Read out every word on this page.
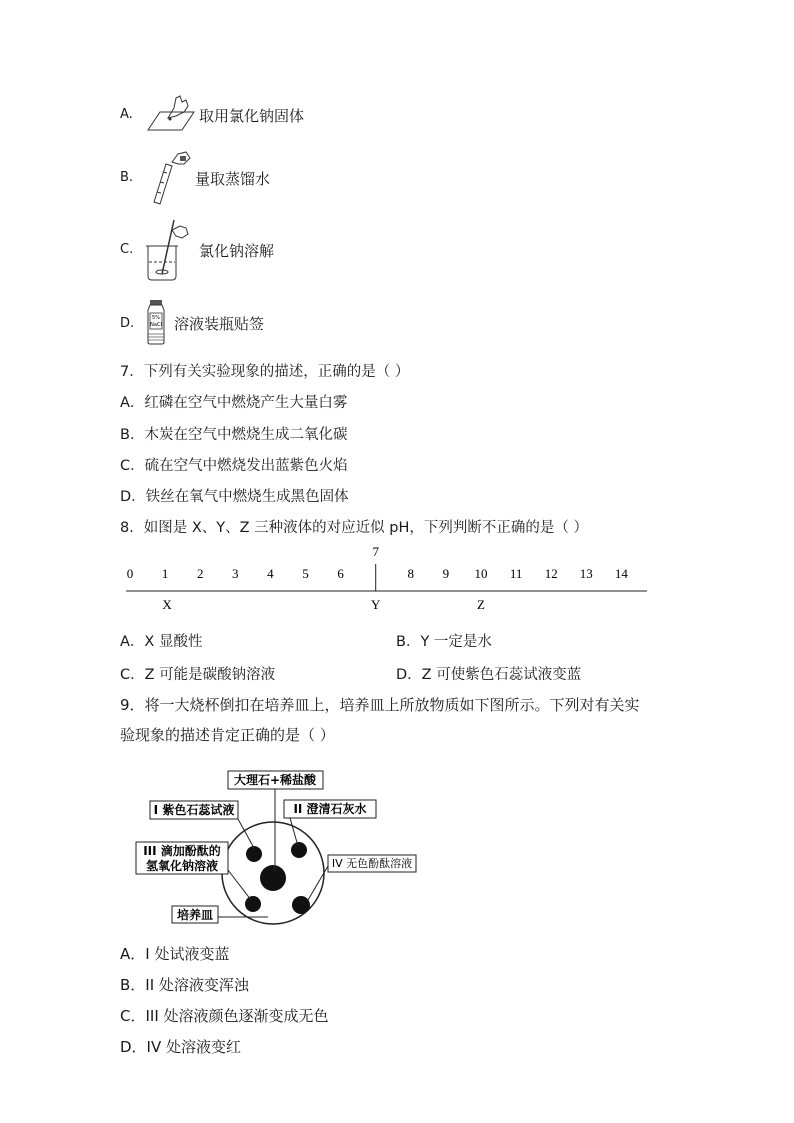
A.	取用氯化钠固体
B.	量取蒸馏水
C.	氯化钠溶解
D.	5%
NaCl 溶液装瓶贴签
7．下列有关实验现象的描述，正确的是（ ）
A．红磷在空气中燃烧产生大量白雾
B．木炭在空气中燃烧生成二氧化碳
C．硫在空气中燃烧发出蓝紫色火焰
D．铁丝在氧气中燃烧生成黑色固体
8．如图是 X、Y、Z 三种液体的对应近似 pH，下列判断不正确的是（ ）
0 1 2 3 4 5 6
7
8 9 10 11 12 13 14
X	Y	Z
A．X 显酸性	B．Y 一定是水
C．Z 可能是碳酸钠溶液	D．Z 可使紫色石蕊试液变蓝
9．将一大烧杯倒扣在培养皿上，培养皿上所放物质如下图所示。下列对有关实
验现象的描述肯定正确的是（ ）
大理石+稀盐酸
I 紫色石蕊试液	II 澄清石灰水
III 滴加酚酞的
氢氧化钠溶液	IV 无色酚酞溶液
培养皿
A．I 处试液变蓝
B．II 处溶液变浑浊
C．III 处溶液颜色逐渐变成无色
D．IV 处溶液变红
